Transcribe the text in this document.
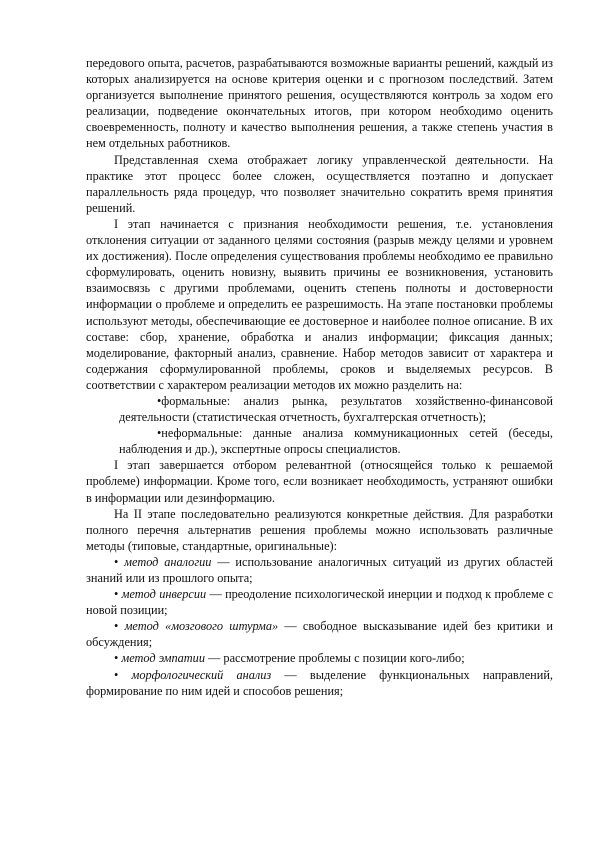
передового опыта, расчетов, разрабатываются возможные варианты решений, каждый из которых анализируется на основе критерия оценки и с прогнозом последствий. Затем организуется выполнение принятого решения, осуществляются контроль за ходом его реализации, подведение окончательных итогов, при котором необходимо оценить своевременность, полноту и качество выполнения решения, а также степень участия в нем отдельных работников.

Представленная схема отображает логику управленческой деятельности. На практике этот процесс более сложен, осуществляется поэтапно и допускает параллельность ряда процедур, что позволяет значительно сократить время принятия решений.

I этап начинается с признания необходимости решения, т.е. установления отклонения ситуации от заданного целями состояния (разрыв между целями и уровнем их достижения). После определения существования проблемы необходимо ее правильно сформулировать, оценить новизну, выявить причины ее возникновения, установить взаимосвязь с другими проблемами, оценить степень полноты и достоверности информации о проблеме и определить ее разрешимость. На этапе постановки проблемы используют методы, обеспечивающие ее достоверное и наиболее полное описание. В их составе: сбор, хранение, обработка и анализ информации; фиксация данных; моделирование, факторный анализ, сравнение. Набор методов зависит от характера и содержания сформулированной проблемы, сроков и выделяемых ресурсов. В соответствии с характером реализации методов их можно разделить на:

•формальные: анализ рынка, результатов хозяйственно-финансовой деятельности (статистическая отчетность, бухгалтерская отчетность);

•неформальные: данные анализа коммуникационных сетей (беседы, наблюдения и др.), экспертные опросы специалистов.

I этап завершается отбором релевантной (относящейся только к решаемой проблеме) информации. Кроме того, если возникает необходимость, устраняют ошибки в информации или дезинформацию.

На II этапе последовательно реализуются конкретные действия. Для разработки полного перечня альтернатив решения проблемы можно использовать различные методы (типовые, стандартные, оригинальные):

• метод аналогии — использование аналогичных ситуаций из других областей знаний или из прошлого опыта;

• метод инверсии — преодоление психологической инерции и подход к проблеме с новой позиции;

• метод «мозгового штурма» — свободное высказывание идей без критики и обсуждения;

• метод эмпатии — рассмотрение проблемы с позиции кого-либо;

• морфологический анализ — выделение функциональных направлений, формирование по ним идей и способов решения;
